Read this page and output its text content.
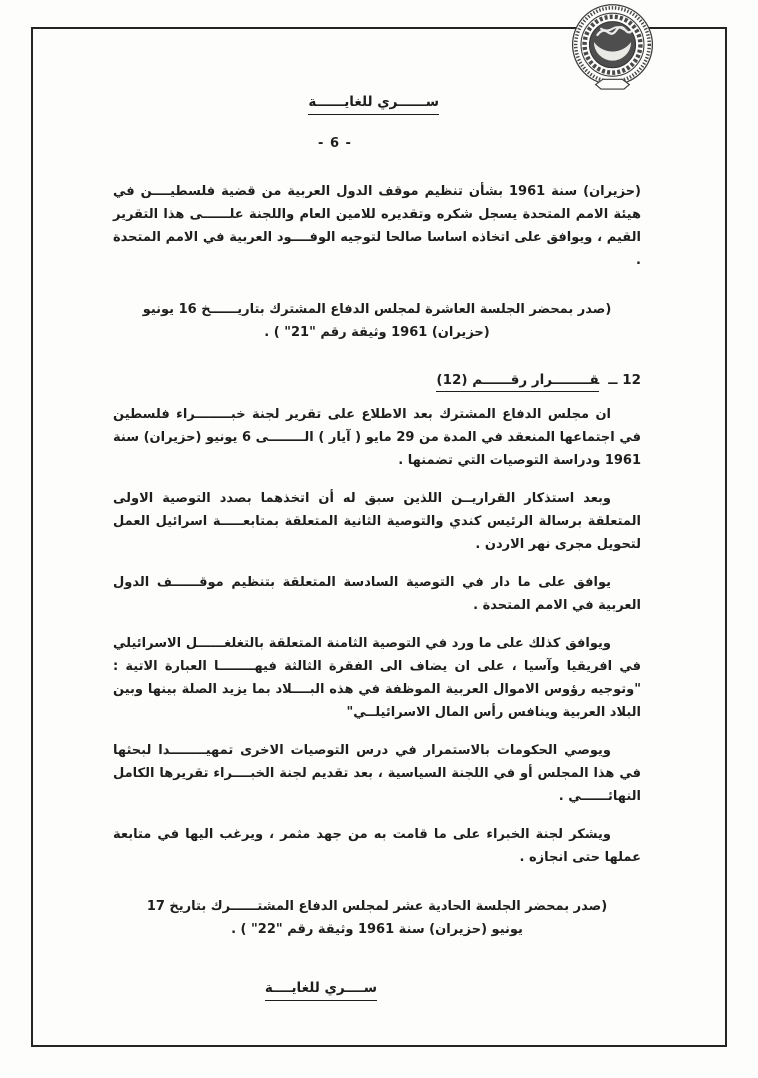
ســــــري للغايــــــة
- 6 -

(حزيران) سنة 1961 بشأن تنظيم موقف الدول العربية من قضية فلسطيــــن في هيئة الامم المتحدة يسجل شكره وتقديره للامين العام واللجنة علــــــى هذا التقرير القيم ، ويوافق على اتخاذه اساسا صالحا لتوجيه الوفــــود العربية في الامم المتحدة .

(صدر بمحضر الجلسة العاشرة لمجلس الدفاع المشترك بتاريــــــخ 16 يونيو (حزيران) 1961 وثيقة رقم "21" ) .

12 ــقــــــــرار رقــــــم (12)

ان مجلس الدفاع المشترك بعد الاطلاع على تقرير لجنة خبــــــــراء فلسطين في اجتماعها المنعقد في المدة من 29 مايو ( آيار ) الــــــــى 6 يونيو (حزيران) سنة 1961 ودراسة التوصيات التي تضمنها .

وبعد استذكار القراريــن اللذين سبق له أن اتخذهما بصدد التوصية الاولى المتعلقة برسالة الرئيس كندي والتوصية الثانية المتعلقة بمتابعـــــة اسرائيل العمل لتحويل مجرى نهر الاردن .

يوافق على ما دار في التوصية السادسة المتعلقة بتنظيم موقــــــف الدول العربية في الامم المتحدة .

ويوافق كذلك على ما ورد في التوصية الثامنة المتعلقة بالتغلغــــــل الاسرائيلي في افريقيا وآسيا ، على ان يضاف الى الفقرة الثالثة فيهــــــــا العبارة الاتية : "وتوجيه رؤوس الاموال العربية الموظفة في هذه البــــلاد بما يزيد الصلة بينها وبين البلاد العربية وينافس رأس المال الاسرائيلــي"

ويوصي الحكومات بالاستمرار في درس التوصيات الاخرى تمهيــــــــدا لبحثها في هذا المجلس أو في اللجنة السياسية ، بعد تقديم لجنة الخبــــراء تقريرها الكامل النهائــــــي .

ويشكر لجنة الخبراء على ما قامت به من جهد مثمر ، ويرغب اليها في متابعة عملها حتى انجازه .

(صدر بمحضر الجلسة الحادية عشر لمجلس الدفاع المشتــــــرك بتاريخ 17 يونيو (حزيران) سنة 1961 وثيقة رقم "22" ) .

ســــري للغايــــة
